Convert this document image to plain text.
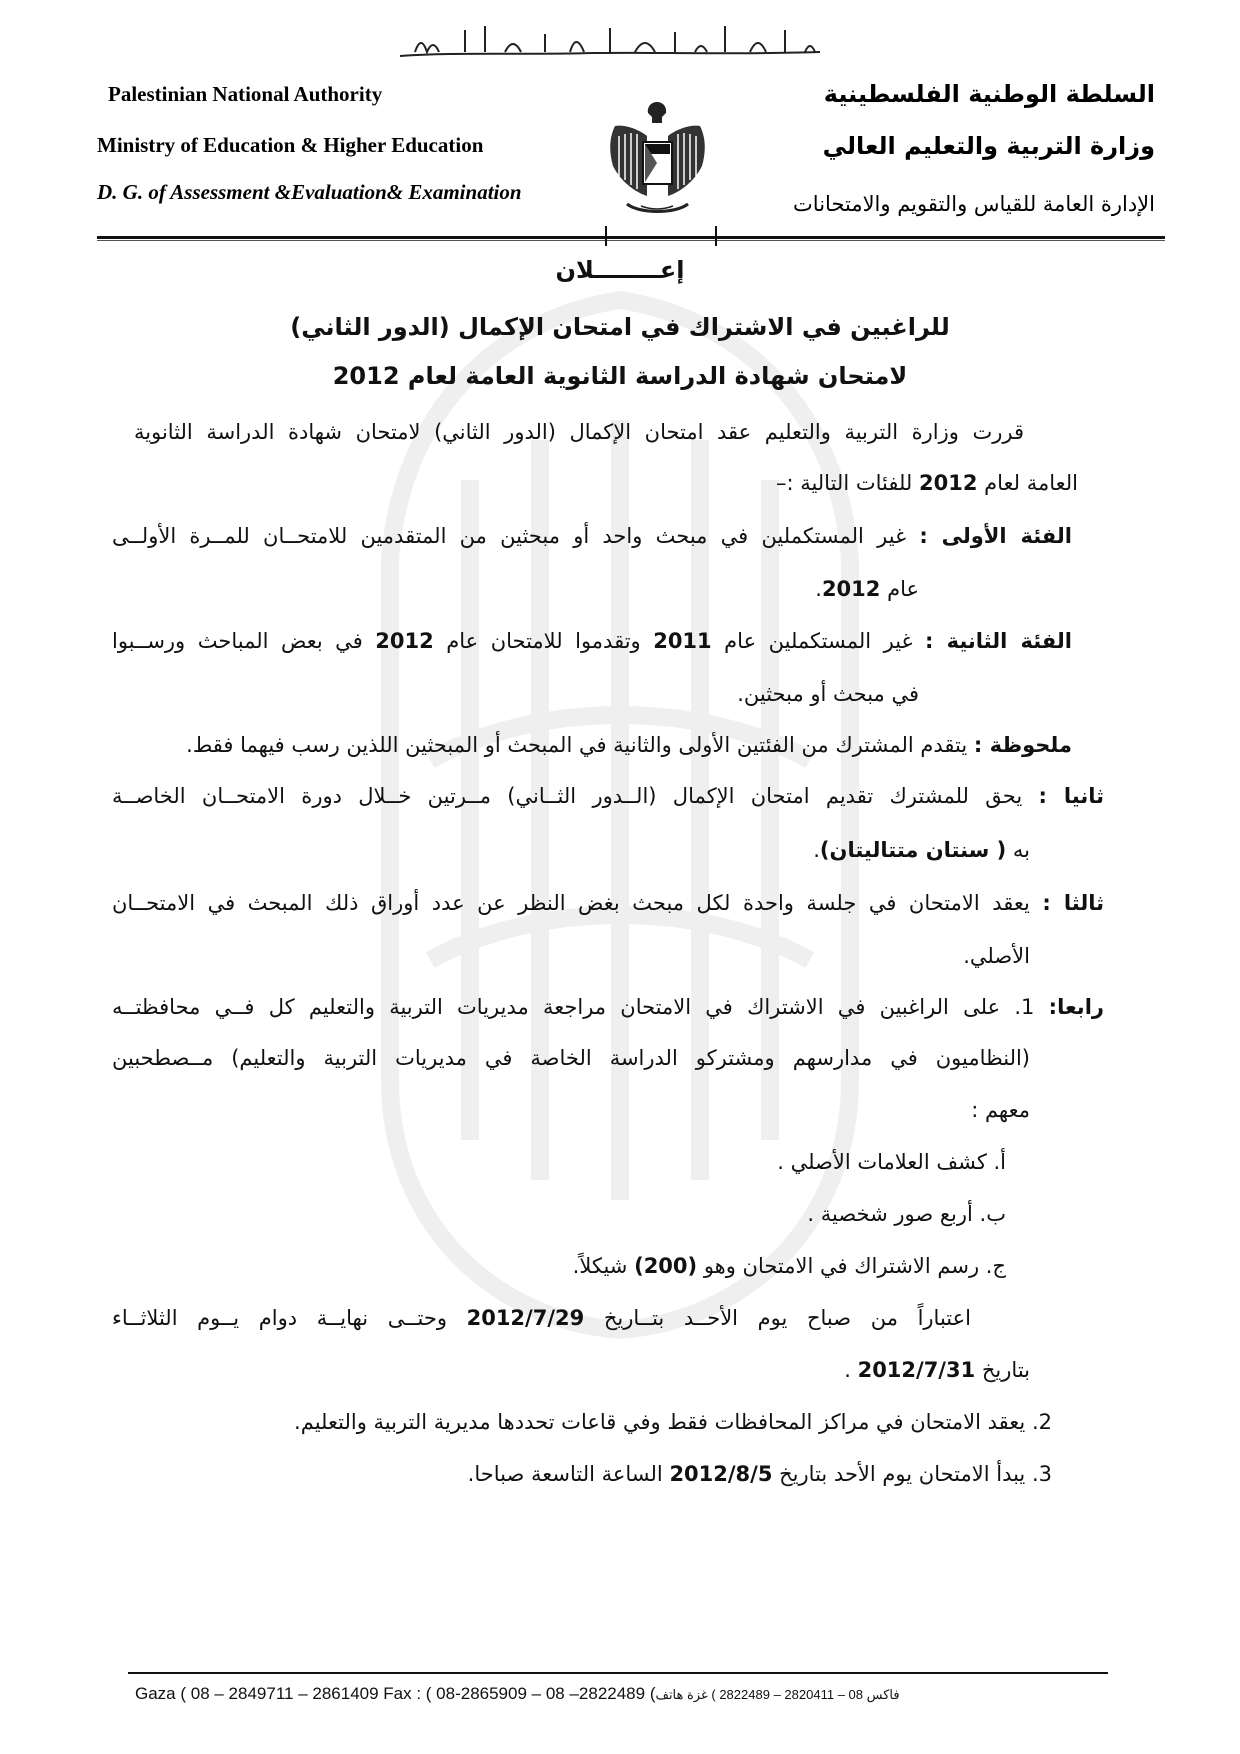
Palestinian National Authority
Ministry of Education & Higher Education
D. G. of Assessment &Evaluation& Examination
السلطة الوطنية الفلسطينية
وزارة التربية والتعليم العالي
الإدارة العامة للقياس والتقويم والامتحانات
إعــــــــلان
للراغبين في الاشتراك في امتحان الإكمال (الدور الثاني)
لامتحان شهادة الدراسة الثانوية العامة لعام 2012
قررت وزارة التربية والتعليم عقد امتحان الإكمال (الدور الثاني) لامتحان شهادة الدراسة الثانوية
العامة لعام 2012 للفئات التالية :–
الفئة الأولى : غير المستكملين في مبحث واحد أو مبحثين من المتقدمين للامتحــان للمــرة الأولــى
عام 2012.
الفئة الثانية : غير المستكملين عام 2011 وتقدموا للامتحان عام 2012 في بعض المباحث ورســبوا
في مبحث أو مبحثين.
ملحوظة : يتقدم المشترك من الفئتين الأولى والثانية في المبحث أو المبحثين اللذين رسب فيهما فقط.
ثانيا : يحق للمشترك تقديم امتحان الإكمال (الــدور الثــاني) مــرتين خــلال دورة الامتحــان الخاصــة
به ( سنتان متتاليتان).
ثالثا : يعقد الامتحان في جلسة واحدة لكل مبحث بغض النظر عن عدد أوراق ذلك المبحث في الامتحــان
الأصلي.
رابعا: 1. على الراغبين في الاشتراك في الامتحان مراجعة مديريات التربية والتعليم كل فــي محافظتــه
(النظاميون في مدارسهم ومشتركو الدراسة الخاصة في مديريات التربية والتعليم) مــصطحبين
معهم :
أ. كشف العلامات الأصلي .
ب. أربع صور شخصية .
ج. رسم الاشتراك في الامتحان وهو (200) شيكلاً.
اعتباراً من صباح يوم الأحــد بتــاريخ 2012/7/29 وحتــى نهايــة دوام يــوم الثلاثــاء
بتاريخ 2012/7/31 .
2. يعقد الامتحان في مراكز المحافظات فقط وفي قاعات تحددها مديرية التربية والتعليم.
3. يبدأ الامتحان يوم الأحد بتاريخ 2012/8/5 الساعة التاسعة صباحا.
Gaza ( 08 – 2849711 – 2861409 Fax : ( 08-2865909 – 08 –2822489 ( فاكس 08 – 2820411 – 2822489 ) غزة هاتف
